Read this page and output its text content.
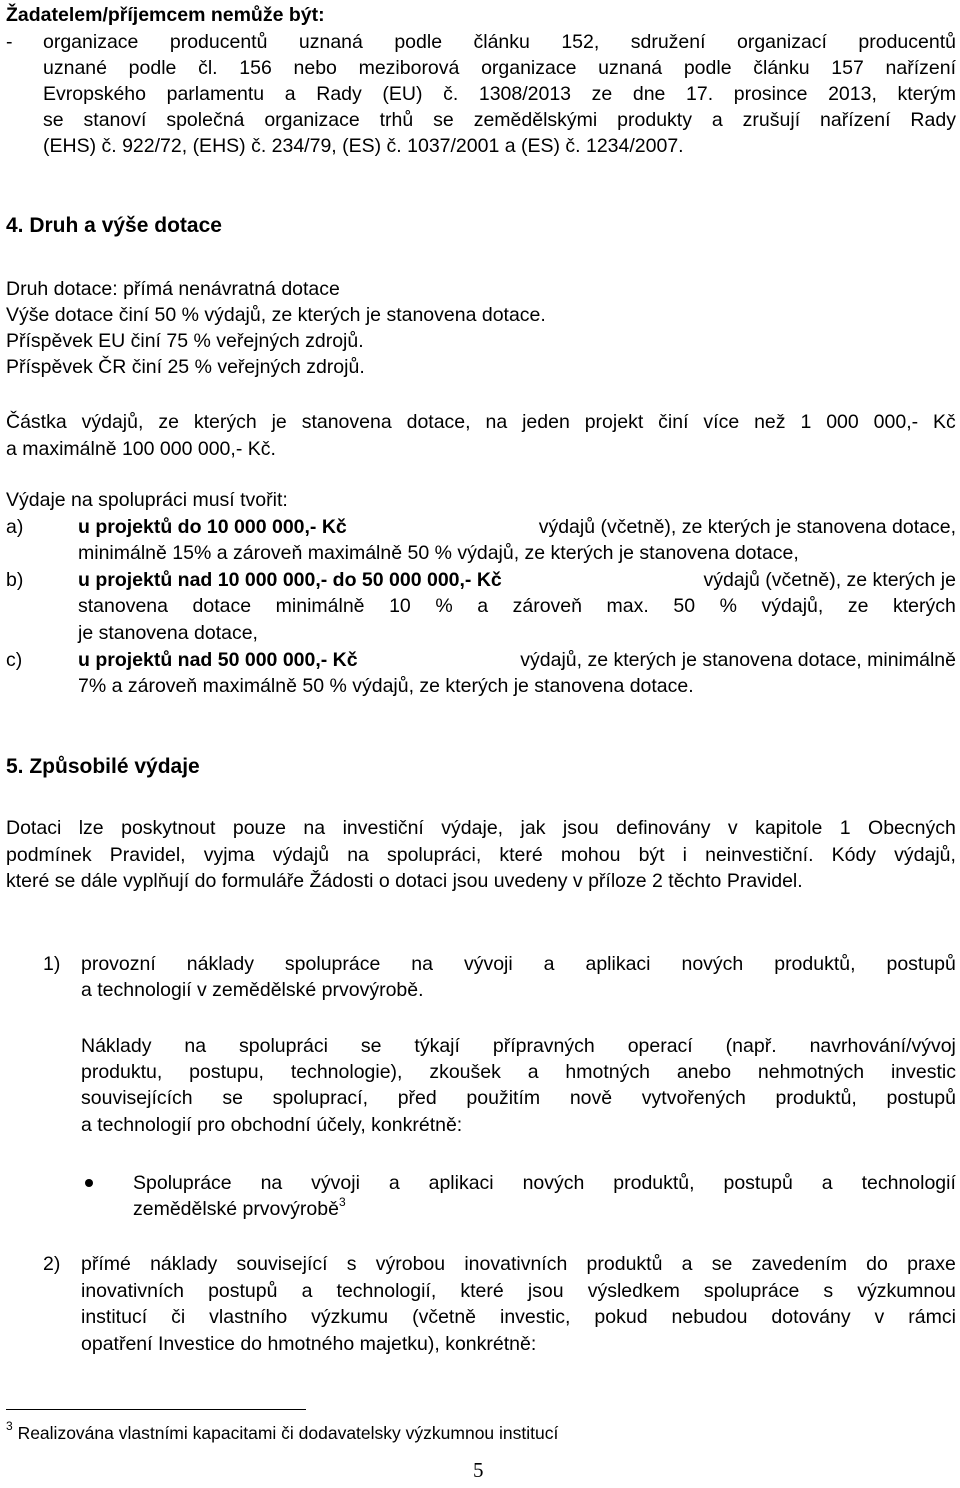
Žadatelem/příjemcem nemůže být:
- organizace producentů uznaná podle článku 152, sdružení organizací producentů
uznané podle čl. 156 nebo meziborová organizace uznaná podle článku 157 nařízení
Evropského parlamentu a Rady (EU) č. 1308/2013 ze dne 17. prosince 2013, kterým
se stanoví společná organizace trhů se zemědělskými produkty a zrušují nařízení Rady
(EHS) č. 922/72, (EHS) č. 234/79, (ES) č. 1037/2001 a (ES) č. 1234/2007.
4. Druh a výše dotace
Druh dotace: přímá nenávratná dotace
Výše dotace činí 50 % výdajů, ze kterých je stanovena dotace.
Příspěvek EU činí 75 % veřejných zdrojů.
Příspěvek ČR činí 25 % veřejných zdrojů.
Částka výdajů, ze kterých je stanovena dotace, na jeden projekt činí více než 1 000 000,- Kč
a maximálně 100 000 000,- Kč.
Výdaje na spolupráci musí tvořit:
a)	u projektů do 10 000 000,- Kč	výdajů (včetně), ze kterých je stanovena dotace,
minimálně 15% a zároveň maximálně 50 % výdajů, ze kterých je stanovena dotace,
b)	u projektů nad 10 000 000,- do 50 000 000,- Kč	výdajů (včetně), ze kterých je
stanovena dotace minimálně 10 % a zároveň max. 50 % výdajů, ze kterých
je stanovena dotace,
c)	u projektů nad 50 000 000,- Kč	výdajů, ze kterých je stanovena dotace, minimálně
7% a zároveň maximálně 50 % výdajů, ze kterých je stanovena dotace.
5. Způsobilé výdaje
Dotaci lze poskytnout pouze na investiční výdaje, jak jsou definovány v kapitole 1 Obecných
podmínek Pravidel, vyjma výdajů na spolupráci, které mohou být i neinvestiční. Kódy výdajů,
které se dále vyplňují do formuláře Žádosti o dotaci jsou uvedeny v příloze 2 těchto Pravidel.
1) provozní náklady spolupráce na vývoji a aplikaci nových produktů, postupů
a technologií v zemědělské prvovýrobě.
Náklady na spolupráci se týkají přípravných operací (např. navrhování/vývoj
produktu, postupu, technologie), zkoušek a hmotných anebo nehmotných investic
souvisejících se spoluprací, před použitím nově vytvořených produktů, postupů
a technologií pro obchodní účely, konkrétně:
Spolupráce na vývoji a aplikaci nových produktů, postupů a technologií
zemědělské prvovýrobě$^3$
2) přímé náklady související s výrobou inovativních produktů a se zavedením do praxe
inovativních postupů a technologií, které jsou výsledkem spolupráce s výzkumnou
institucí či vlastního výzkumu (včetně investic, pokud nebudou dotovány v rámci
opatření Investice do hmotného majetku), konkrétně:
$^3$ Realizována vlastními kapacitami či dodavatelsky výzkumnou institucí
5
